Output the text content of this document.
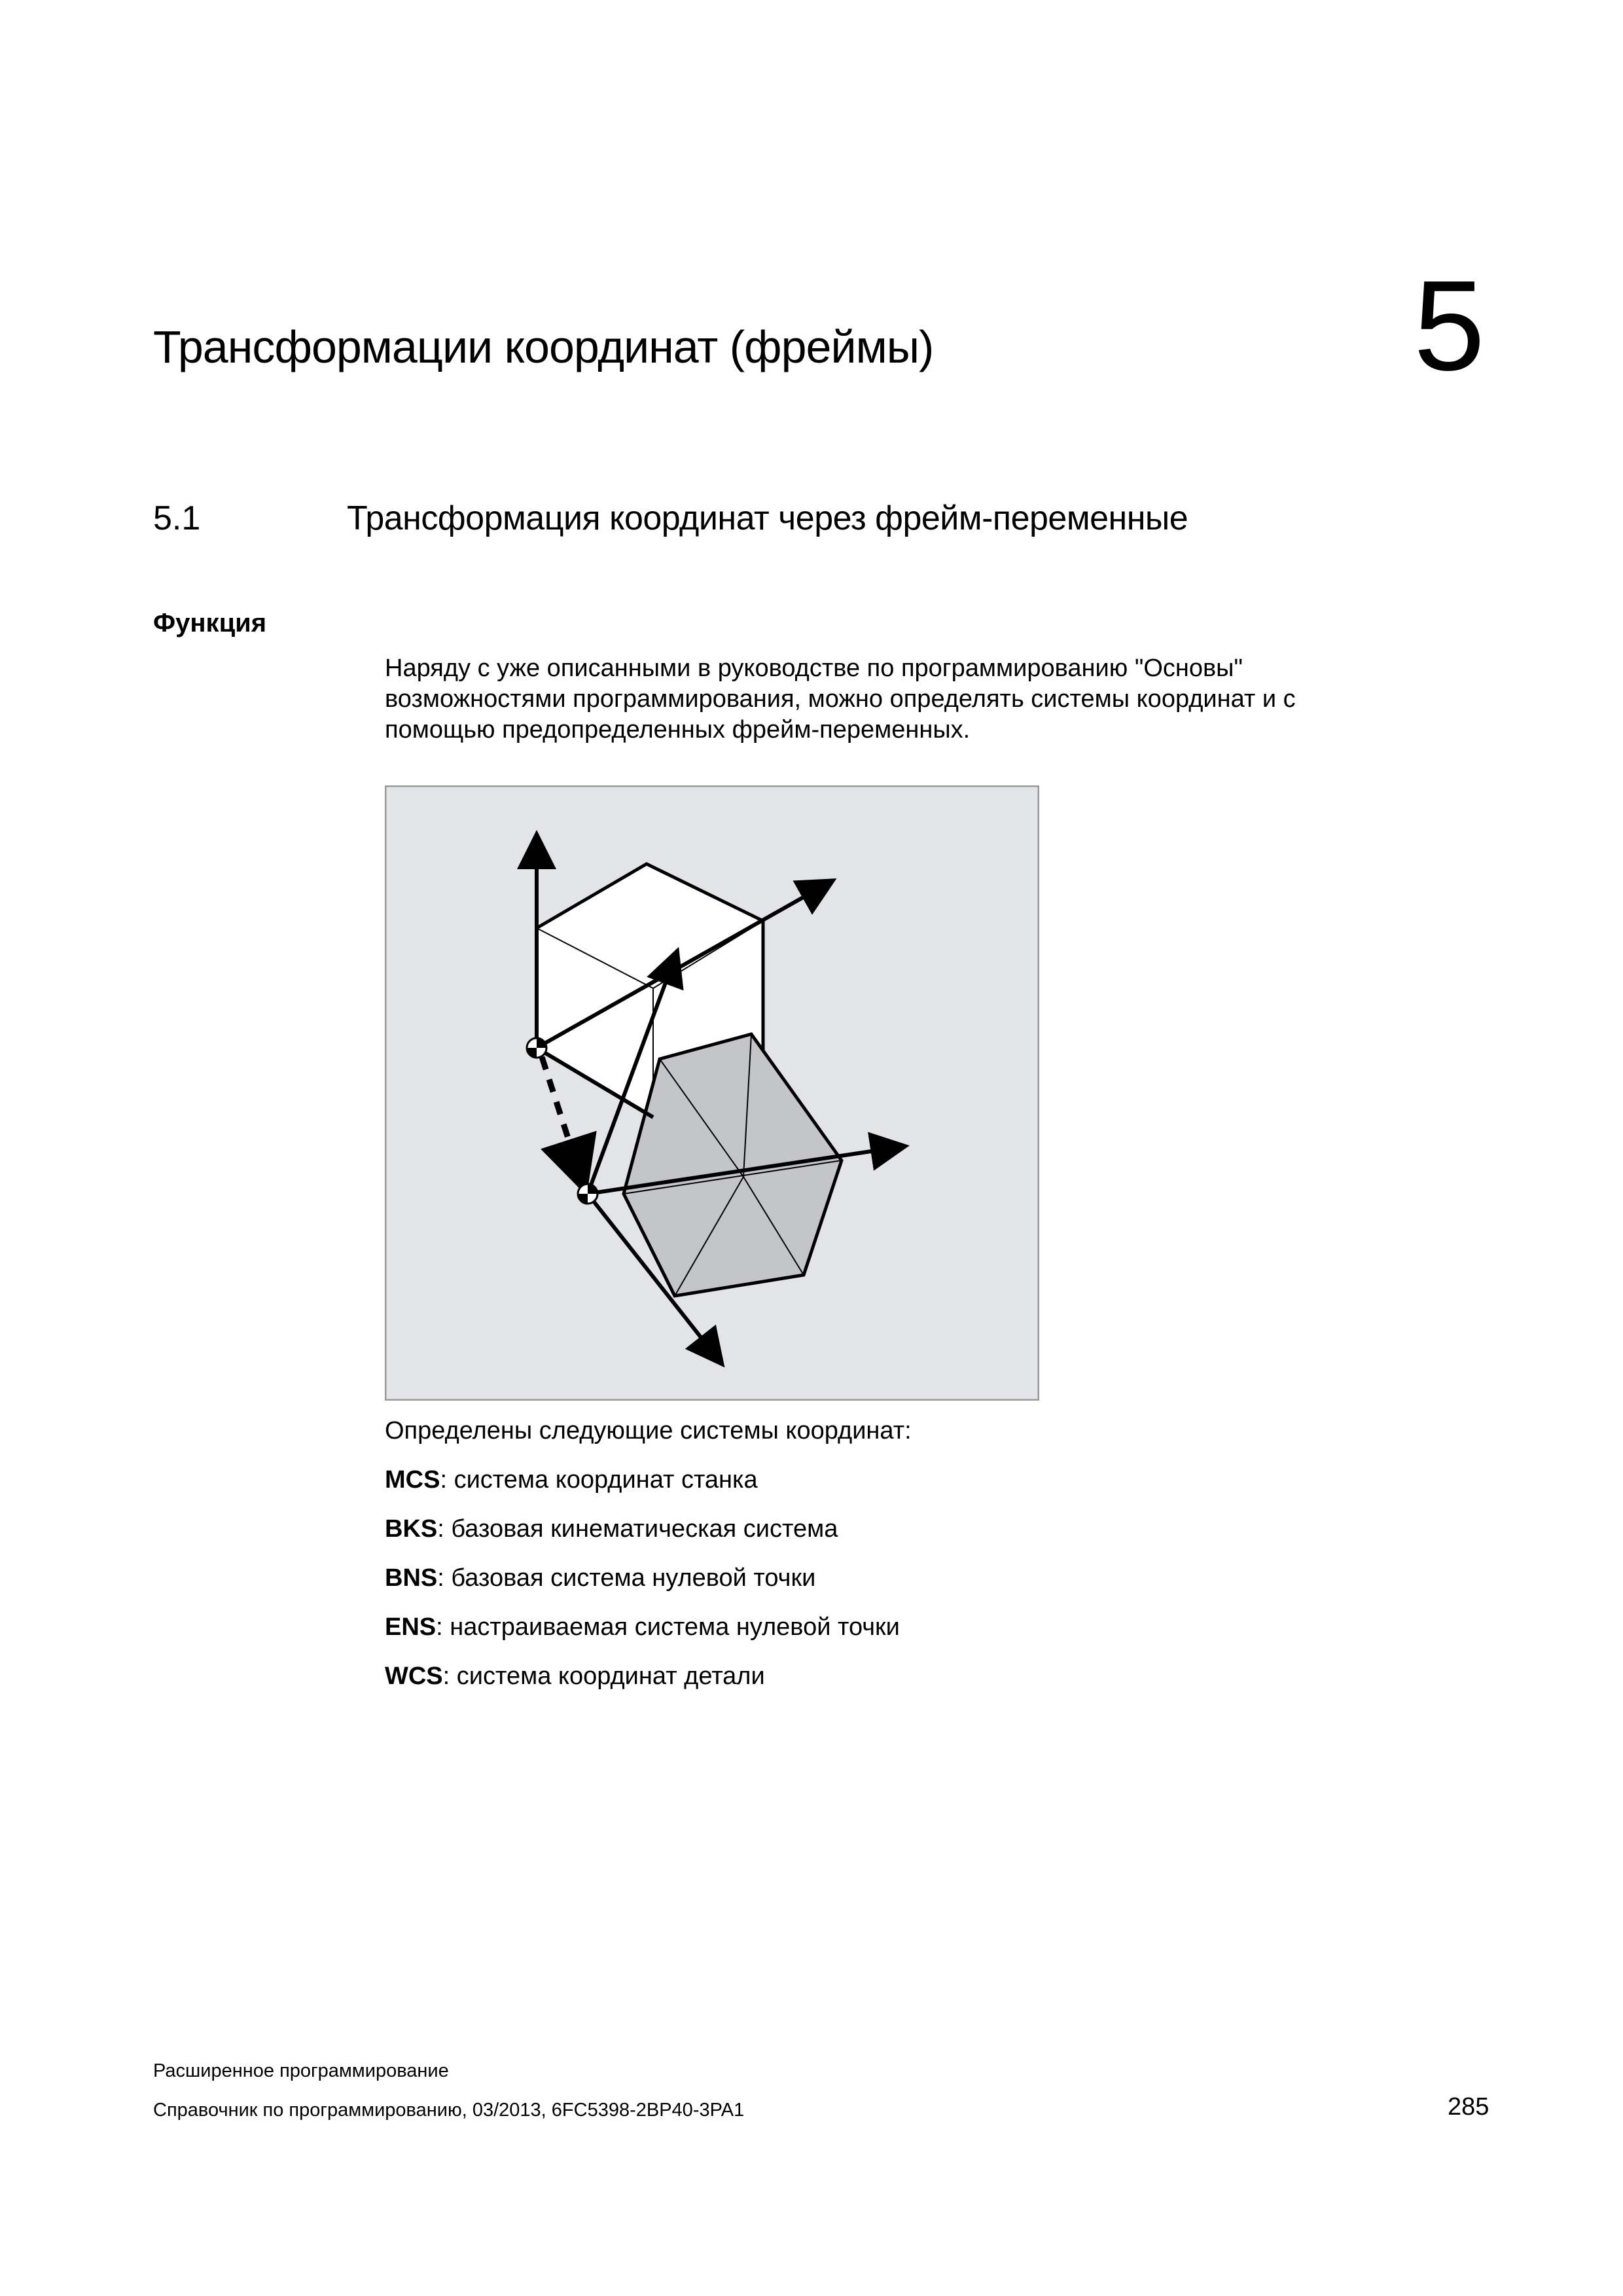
Трансформации координат (фреймы)	5
5.1	Трансформация координат через фрейм-переменные
Функция
Наряду с уже описанными в руководстве по программированию "Основы"
возможностями программирования, можно определять системы координат и с
помощью предопределенных фрейм-переменных.
Определены следующие системы координат:
MCS: система координат станка
BKS: базовая кинематическая система
BNS: базовая система нулевой точки
ENS: настраиваемая система нулевой точки
WCS: система координат детали
Расширенное программирование
Справочник по программированию, 03/2013, 6FC5398-2BP40-3PA1	285
